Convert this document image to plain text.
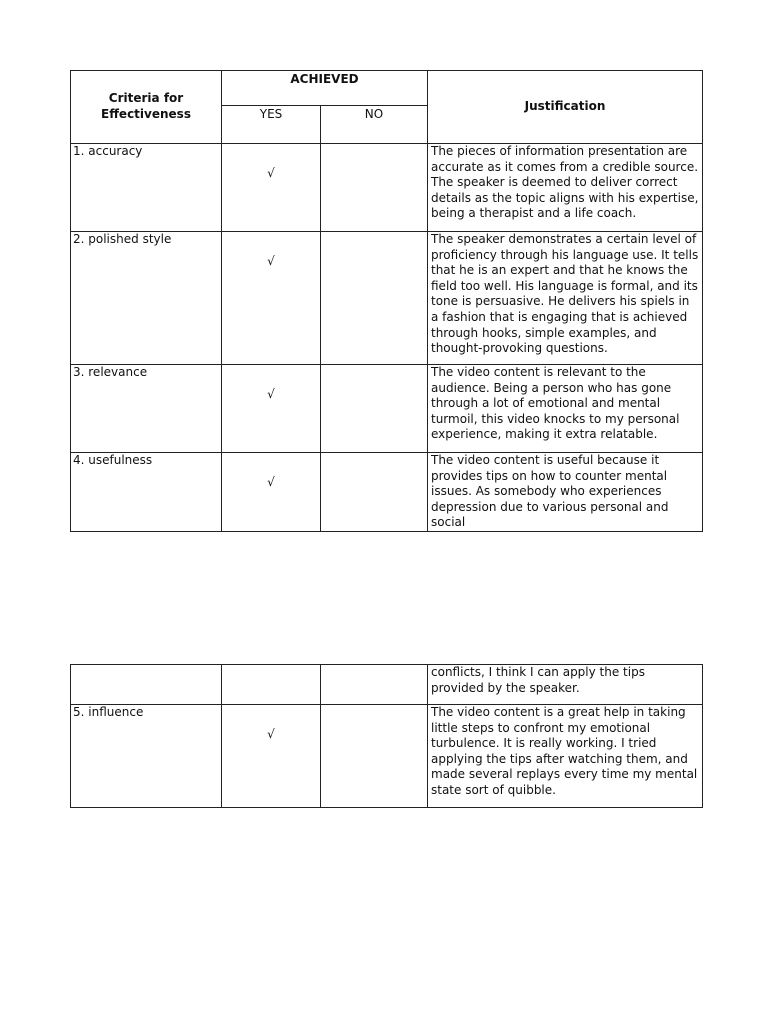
Criteria for Effectiveness	ACHIEVED		Justification
	YES	NO	
1. accuracy	√		The pieces of information presentation are accurate as it comes from a credible source. The speaker is deemed to deliver correct details as the topic aligns with his expertise, being a therapist and a life coach.
2. polished style	√		The speaker demonstrates a certain level of proficiency through his language use. It tells that he is an expert and that he knows the field too well. His language is formal, and its tone is persuasive. He delivers his spiels in a fashion that is engaging that is achieved through hooks, simple examples, and thought-provoking questions.
3. relevance	√		The video content is relevant to the audience. Being a person who has gone through a lot of emotional and mental turmoil, this video knocks to my personal experience, making it extra relatable.
4. usefulness	√		The video content is useful because it provides tips on how to counter mental issues. As somebody who experiences depression due to various personal and social
			conflicts, I think I can apply the tips provided by the speaker.
5. influence	√		The video content is a great help in taking little steps to confront my emotional turbulence. It is really working. I tried applying the tips after watching them, and made several replays every time my mental state sort of quibble.
